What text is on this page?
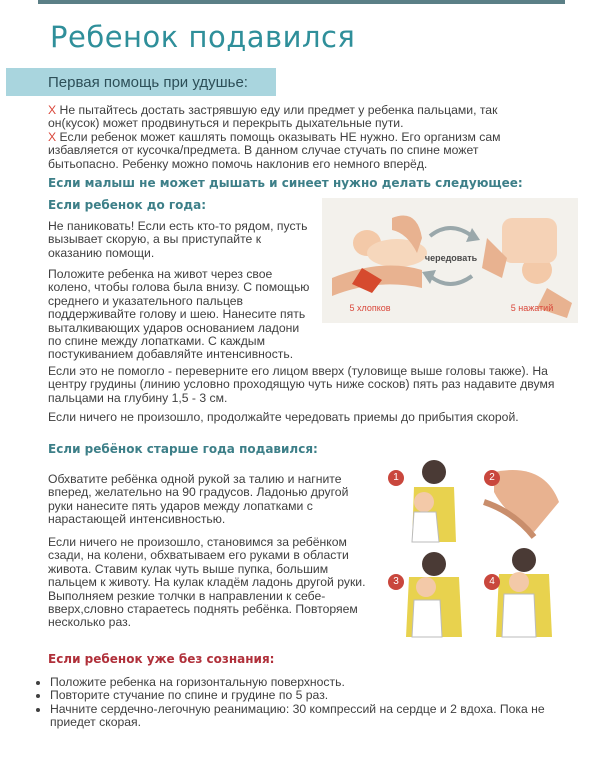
Ребенок подавился
Первая помощь при удушье:

X Не пытайтесь достать застрявшую еду или предмет у ребенка пальцами, так он(кусок) может продвинуться и перекрыть дыхательные пути.

X Если ребенок может кашлять помощь оказывать НЕ нужно. Его организм сам избавляется от кусочка/предмета. В данном случае стучать по спине может бытьопасно. Ребенку можно помочь наклонив его немного вперёд.

Если малыш не может дышать и синеет нужно делать следующее:
Если ребенок до года:

Не паниковать! Если есть кто-то рядом, пусть вызывает скорую, а вы приступайте к оказанию помощи.

Положите ребенка на живот через свое колено, чтобы голова была внизу. С помощью среднего и указательного пальцев поддерживайте голову и шею. Нанесите пять выталкивающих ударов основанием ладони по спине между лопатками. С каждым постукиванием добавляйте интенсивность.

чередовать
5 хлопков	5 нажатий

Если это не помогло - переверните его лицом вверх (туловище выше головы также). На центру грудины (линию условно проходящую чуть ниже сосков) пять раз надавите двумя пальцами на глубину 1,5 - 3 см.

Если ничего не произошло, продолжайте чередовать приемы до прибытия скорой.

Если ребёнок старше года подавился:

Обхватите ребёнка одной рукой за талию и нагните вперед, желательно на 90 градусов. Ладонью другой руки нанесите пять ударов между лопатками с нарастающей интенсивностью.

Если ничего не произошло, становимся за ребёнком сзади, на колени, обхватываем его руками в области живота. Ставим кулак чуть выше пупка, большим пальцем к животу. На кулак кладём ладонь другой руки. Выполняем резкие толчки в направлении к себе-вверх,словно стараетесь поднять ребёнка. Повторяем несколько раз.

1	2
3	4
Если ребенок уже без сознания:
• Положите ребенка на горизонтальную поверхность.
• Повторите стучание по спине и грудине по 5 раз.
• Начните сердечно-легочную реанимацию: 30 компрессий на сердце и 2 вдоха. Пока не приедет скорая.
